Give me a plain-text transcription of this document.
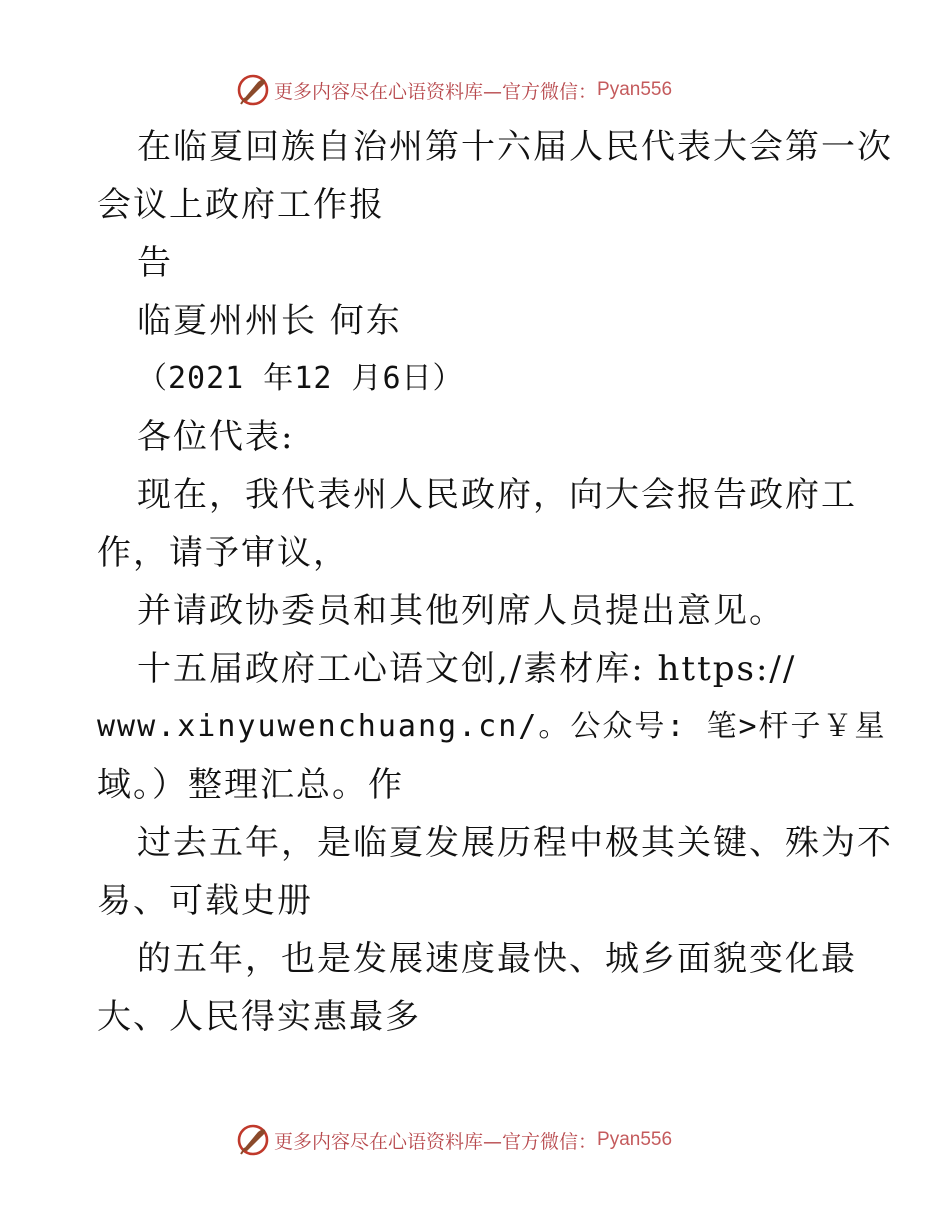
更多内容尽在心语资料库—官方微信： Pyan556
在临夏回族自治州第十六届人民代表大会第一次
会议上政府工作报
告
临夏州州长 何东
（2021 年12 月6日）
各位代表:
现在，我代表州人民政府，向大会报告政府工
作，请予审议，
并请政协委员和其他列席人员提出意见。
十五届政府工心语文创,/素材库: https://
www.xinyuwenchuang.cn/。公众号: 笔>杆子￥星
域。）整理汇总。作
过去五年，是临夏发展历程中极其关键、殊为不
易、可载史册
的五年，也是发展速度最快、城乡面貌变化最
大、人民得实惠最多
更多内容尽在心语资料库—官方微信： Pyan556
